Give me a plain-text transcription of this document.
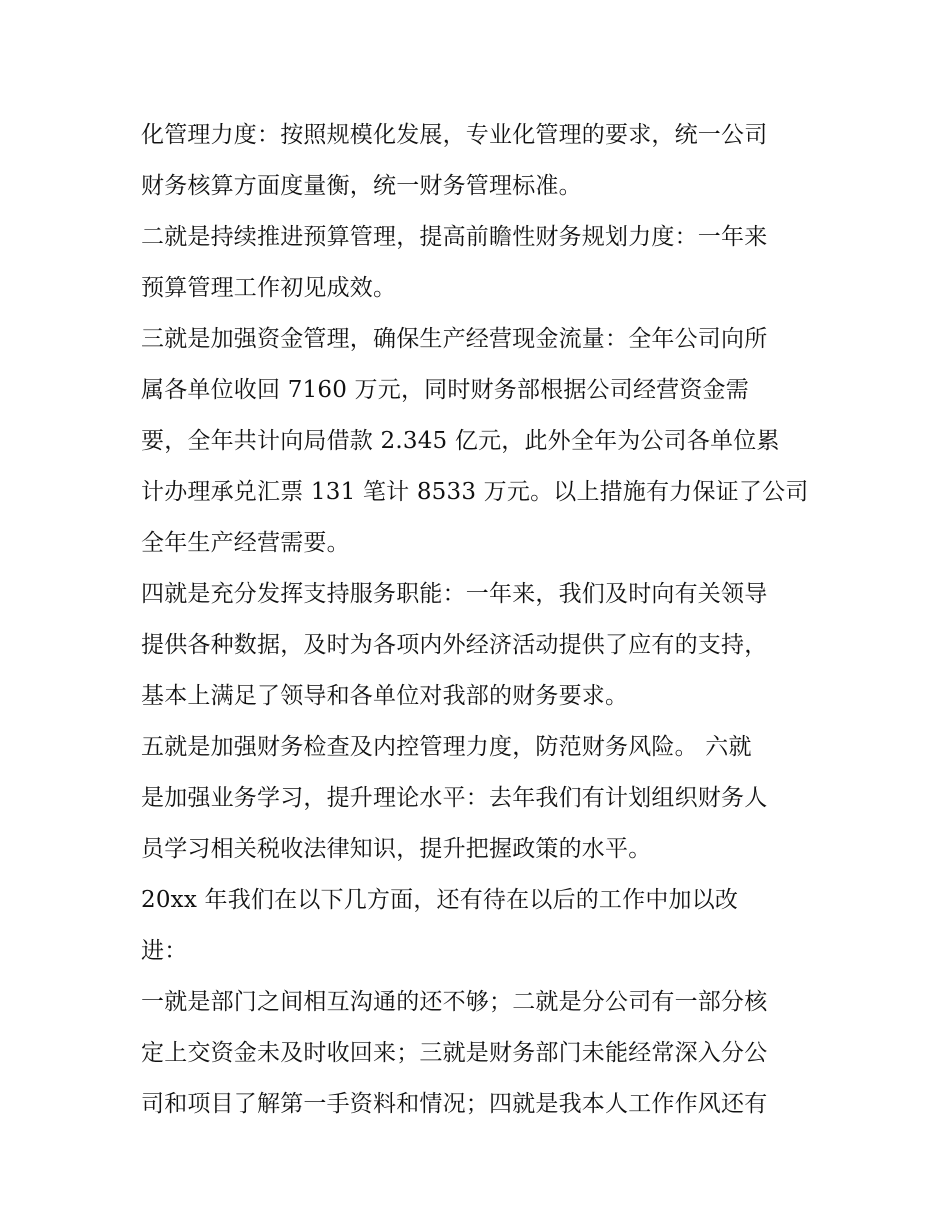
化管理力度：按照规模化发展，专业化管理的要求，统一公司
财务核算方面度量衡，统一财务管理标准。
二就是持续推进预算管理，提高前瞻性财务规划力度：一年来
预算管理工作初见成效。
三就是加强资金管理，确保生产经营现金流量：全年公司向所
属各单位收回 7160 万元，同时财务部根据公司经营资金需
要，全年共计向局借款 2.345 亿元，此外全年为公司各单位累
计办理承兑汇票 131 笔计 8533 万元。以上措施有力保证了公司
全年生产经营需要。
四就是充分发挥支持服务职能：一年来，我们及时向有关领导
提供各种数据，及时为各项内外经济活动提供了应有的支持，
基本上满足了领导和各单位对我部的财务要求。
五就是加强财务检查及内控管理力度，防范财务风险。 六就
是加强业务学习，提升理论水平：去年我们有计划组织财务人
员学习相关税收法律知识，提升把握政策的水平。
20xx 年我们在以下几方面，还有待在以后的工作中加以改
进：
一就是部门之间相互沟通的还不够；二就是分公司有一部分核
定上交资金未及时收回来；三就是财务部门未能经常深入分公
司和项目了解第一手资料和情况；四就是我本人工作作风还有
